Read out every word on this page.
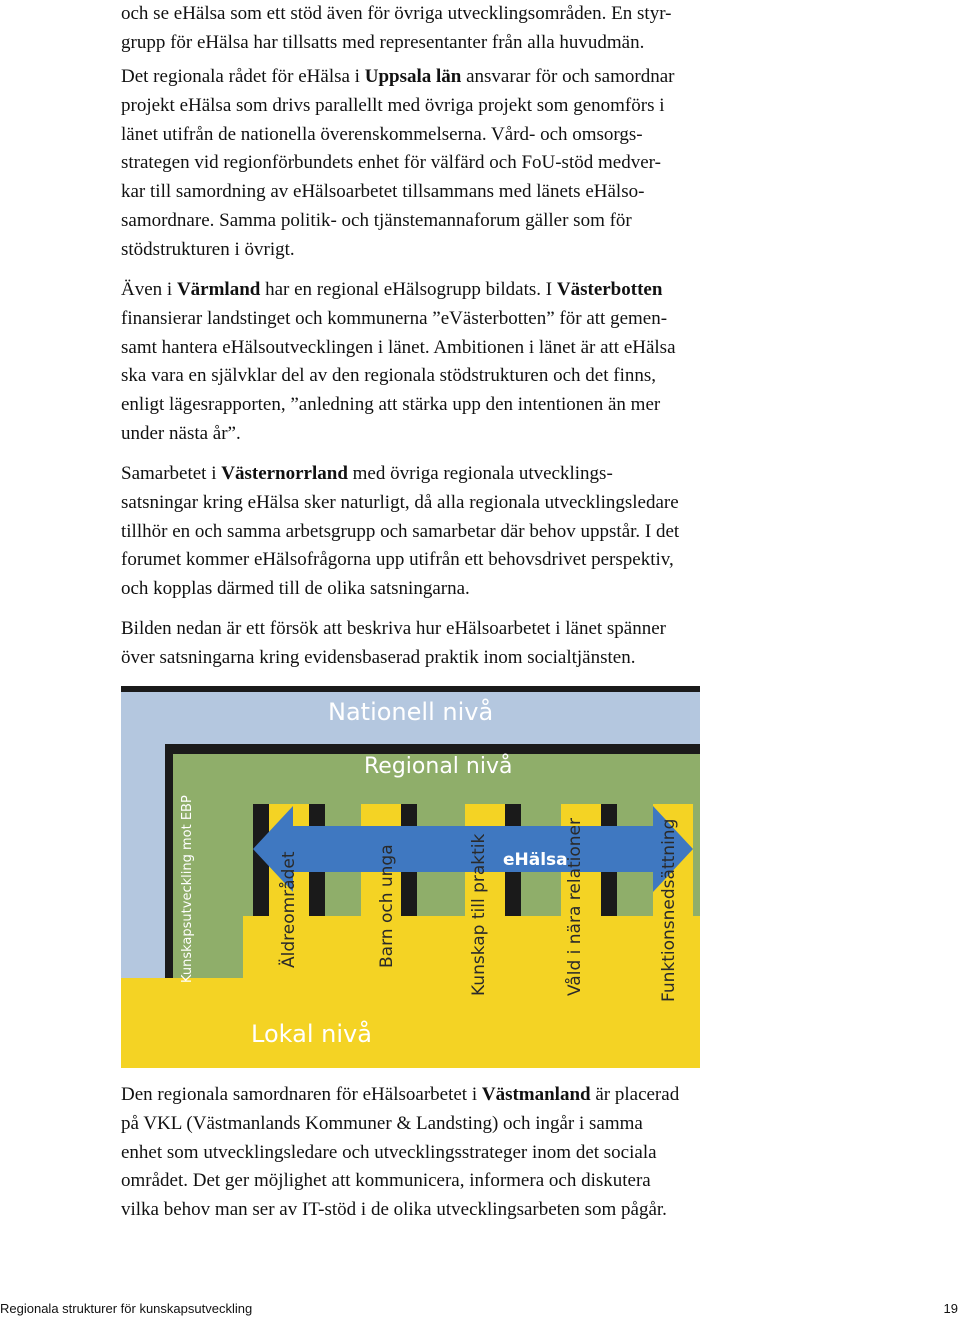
och se eHälsa som ett stöd även för övriga utvecklingsområden. En styr-
grupp för eHälsa har tillsatts med representanter från alla huvudmän.

Det regionala rådet för eHälsa i Uppsala län ansvarar för och samordnar
projekt eHälsa som drivs parallellt med övriga projekt som genomförs i
länet utifrån de nationella överenskommelserna. Vård- och omsorgs-
strategen vid regionförbundets enhet för välfärd och FoU-stöd medver-
kar till samordning av eHälsoarbetet tillsammans med länets eHälso-
samordnare. Samma politik- och tjänstemannaforum gäller som för
stödstrukturen i övrigt.

Även i Värmland har en regional eHälsogrupp bildats. I Västerbotten
finansierar landstinget och kommunerna ”eVästerbotten” för att gemen-
samt hantera eHälsoutvecklingen i länet. Ambitionen i länet är att eHälsa
ska vara en självklar del av den regionala stödstrukturen och det finns,
enligt lägesrapporten, ”anledning att stärka upp den intentionen än mer
under nästa år”.

Samarbetet i Västernorrland med övriga regionala utvecklings-
satsningar kring eHälsa sker naturligt, då alla regionala utvecklingsledare
tillhör en och samma arbetsgrupp och samarbetar där behov uppstår. I det
forumet kommer eHälsofrågorna upp utifrån ett behovsdrivet perspektiv,
och kopplas därmed till de olika satsningarna.

Bilden nedan är ett försök att beskriva hur eHälsoarbetet i länet spänner
över satsningarna kring evidensbaserad praktik inom socialtjänsten.

Nationell nivå
Regional nivå
Lokal nivå
eHälsa
Kunskapsutveckling mot EBP	Äldreområdet	Barn och unga	Kunskap till praktik	Våld i nära relationer	Funktionsnedsättning

Den regionala samordnaren för eHälsoarbetet i Västmanland är placerad
på VKL (Västmanlands Kommuner & Landsting) och ingår i samma
enhet som utvecklingsledare och utvecklingsstrateger inom det sociala
området. Det ger möjlighet att kommunicera, informera och diskutera
vilka behov man ser av IT-stöd i de olika utvecklingsarbeten som pågår.

Regionala strukturer för kunskapsutveckling	19
